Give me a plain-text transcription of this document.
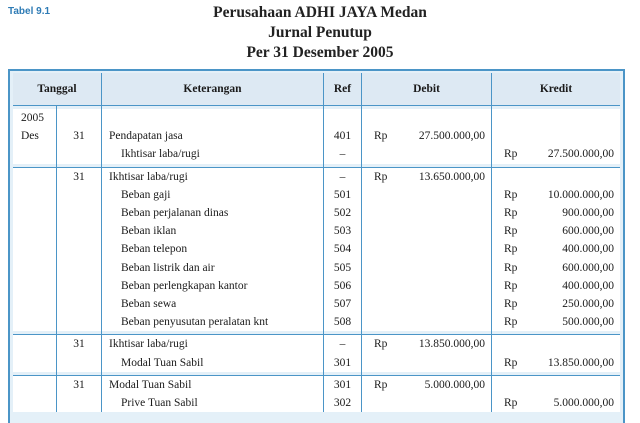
Tabel 9.1	Perusahaan ADHI JAYA Medan
Jurnal Penutup
Per 31 Desember 2005
Tanggal		Keterangan	Ref	Debit	Kredit

2005					
Des	31	Pendapatan jasa	401	Rp 27.500.000,00	

		Ikhtisar laba/rugi	–		Rp 27.500.000,00

	31	Ikhtisar laba/rugi	–	Rp 13.650.000,00	

		Beban gaji	501		Rp 10.000.000,00

		Beban perjalanan dinas	502		Rp 900.000,00

		Beban iklan	503		Rp 600.000,00

		Beban telepon	504		Rp 400.000,00

		Beban listrik dan air	505		Rp 600.000,00

		Beban perlengkapan kantor	506		Rp 400.000,00

		Beban sewa	507		Rp 250.000,00

		Beban penyusutan peralatan knt	508		Rp 500.000,00

	31	Ikhtisar laba/rugi	–	Rp 13.850.000,00	

		Modal Tuan Sabil	301		Rp 13.850.000,00

	31	Modal Tuan Sabil	301	Rp 5.000.000,00	

		Prive Tuan Sabil	302		Rp 5.000.000,00
